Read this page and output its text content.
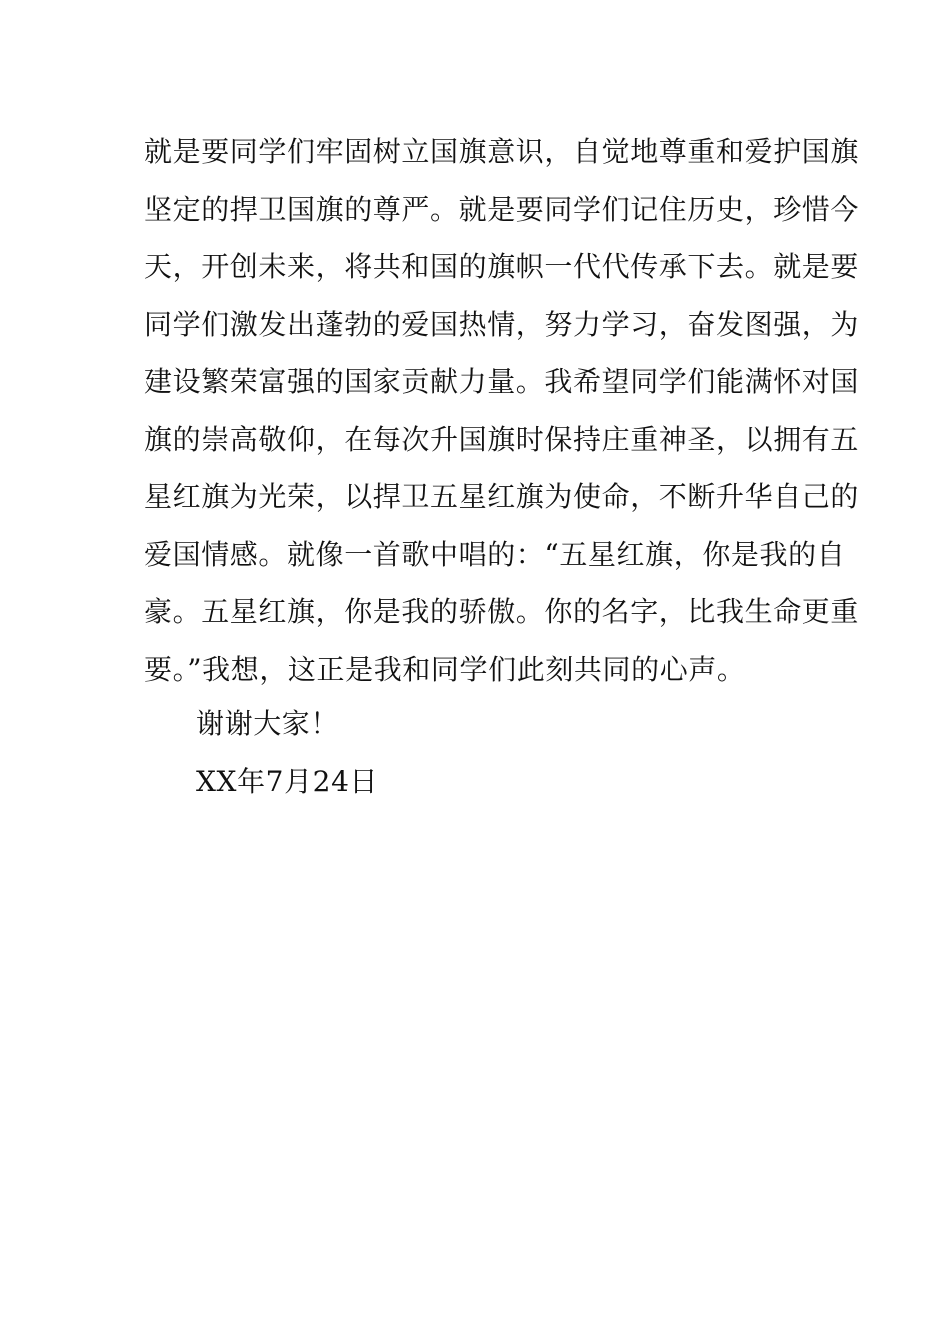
就是要同学们牢固树立国旗意识，自觉地尊重和爱护国旗
坚定的捍卫国旗的尊严。就是要同学们记住历史，珍惜今
天，开创未来，将共和国的旗帜一代代传承下去。就是要
同学们激发出蓬勃的爱国热情，努力学习，奋发图强，为
建设繁荣富强的国家贡献力量。我希望同学们能满怀对国
旗的崇高敬仰，在每次升国旗时保持庄重神圣，以拥有五
星红旗为光荣，以捍卫五星红旗为使命，不断升华自己的
爱国情感。就像一首歌中唱的：“五星红旗，你是我的自
豪。五星红旗，你是我的骄傲。你的名字，比我生命更重
要。”我想，这正是我和同学们此刻共同的心声。
谢谢大家！
XX年7月24日
